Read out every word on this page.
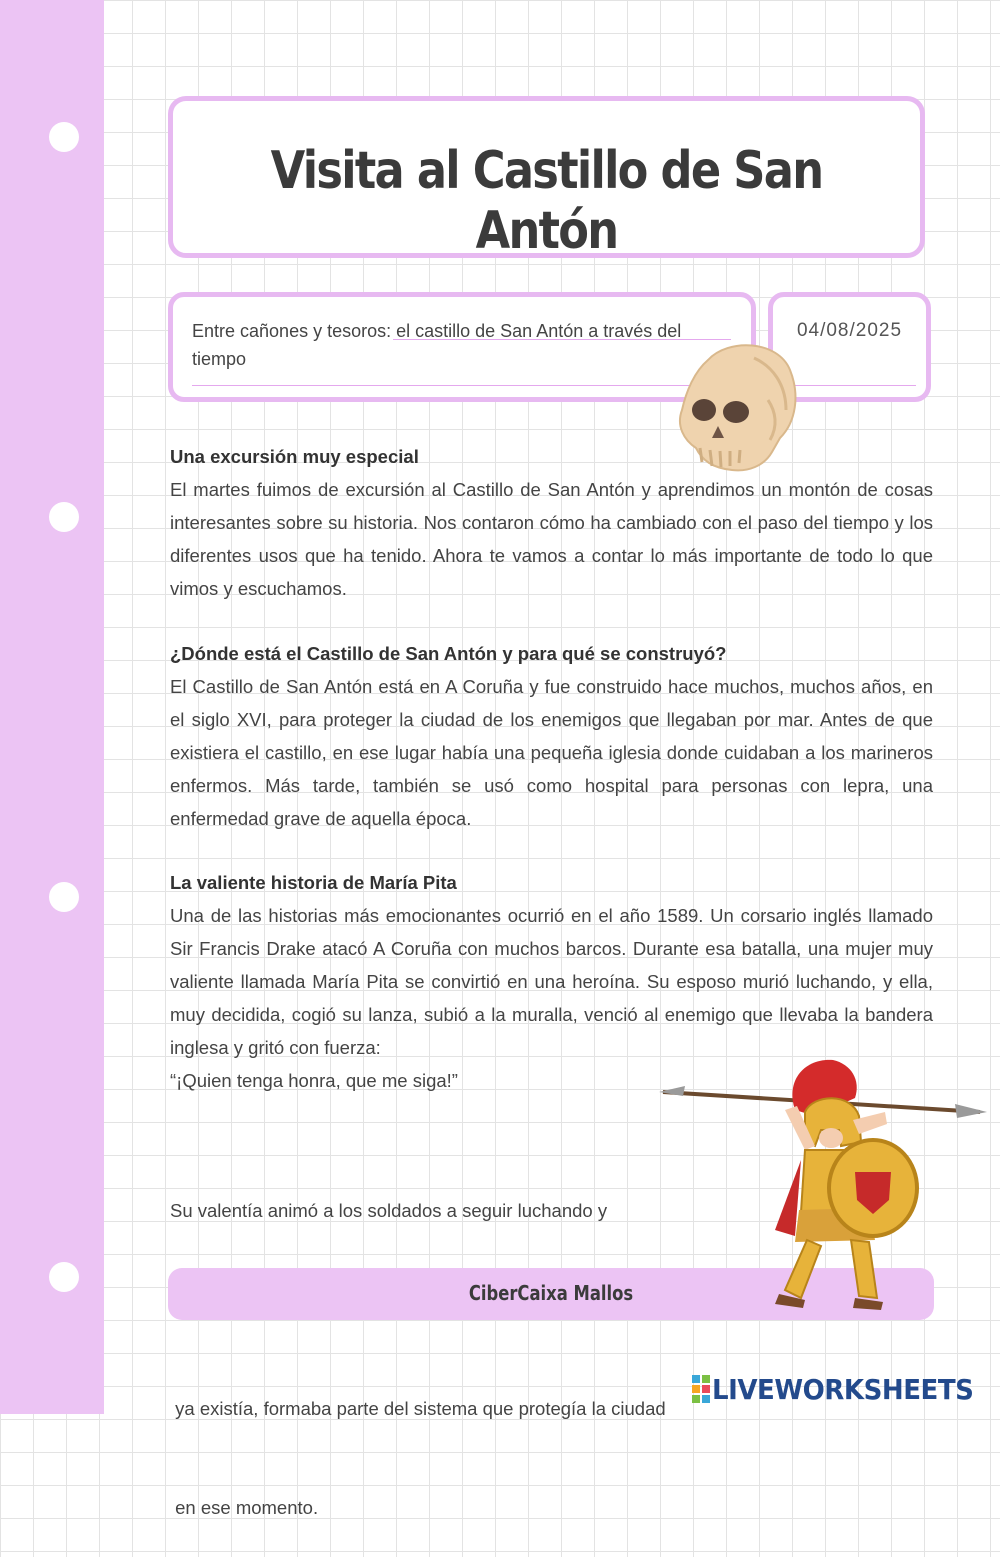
Visita al Castillo de San Antón
Entre cañones y tesoros: el castillo de San Antón a través del tiempo
04/08/2025
Una excursión muy especial

El martes fuimos de excursión al Castillo de San Antón y aprendimos un montón de cosas interesantes sobre su historia. Nos contaron cómo ha cambiado con el paso del tiempo y los diferentes usos que ha tenido. Ahora te vamos a contar lo más importante de todo lo que vimos y escuchamos.

¿Dónde está el Castillo de San Antón y para qué se construyó?

El Castillo de San Antón está en A Coruña y fue construido hace muchos, muchos años, en el siglo XVI, para proteger la ciudad de los enemigos que llegaban por mar. Antes de que existiera el castillo, en ese lugar había una pequeña iglesia donde cuidaban a los marineros enfermos. Más tarde, también se usó como hospital para personas con lepra, una enfermedad grave de aquella época.

La valiente historia de María Pita

Una de las historias más emocionantes ocurrió en el año 1589. Un corsario inglés llamado Sir Francis Drake atacó A Coruña con muchos barcos. Durante esa batalla, una mujer muy valiente llamada María Pita se convirtió en una heroína. Su esposo murió luchando, y ella, muy decidida, cogió su lanza, subió a la muralla, venció al enemigo que llevaba la bandera inglesa y gritó con fuerza:

“¡Quien tenga honra, que me siga!”

Su valentía animó a los soldados a seguir luchando y

ya existía, formaba parte del sistema que protegía la ciudad

en ese momento.

CiberCaixa Mallos
LIVEWORKSHEETS
